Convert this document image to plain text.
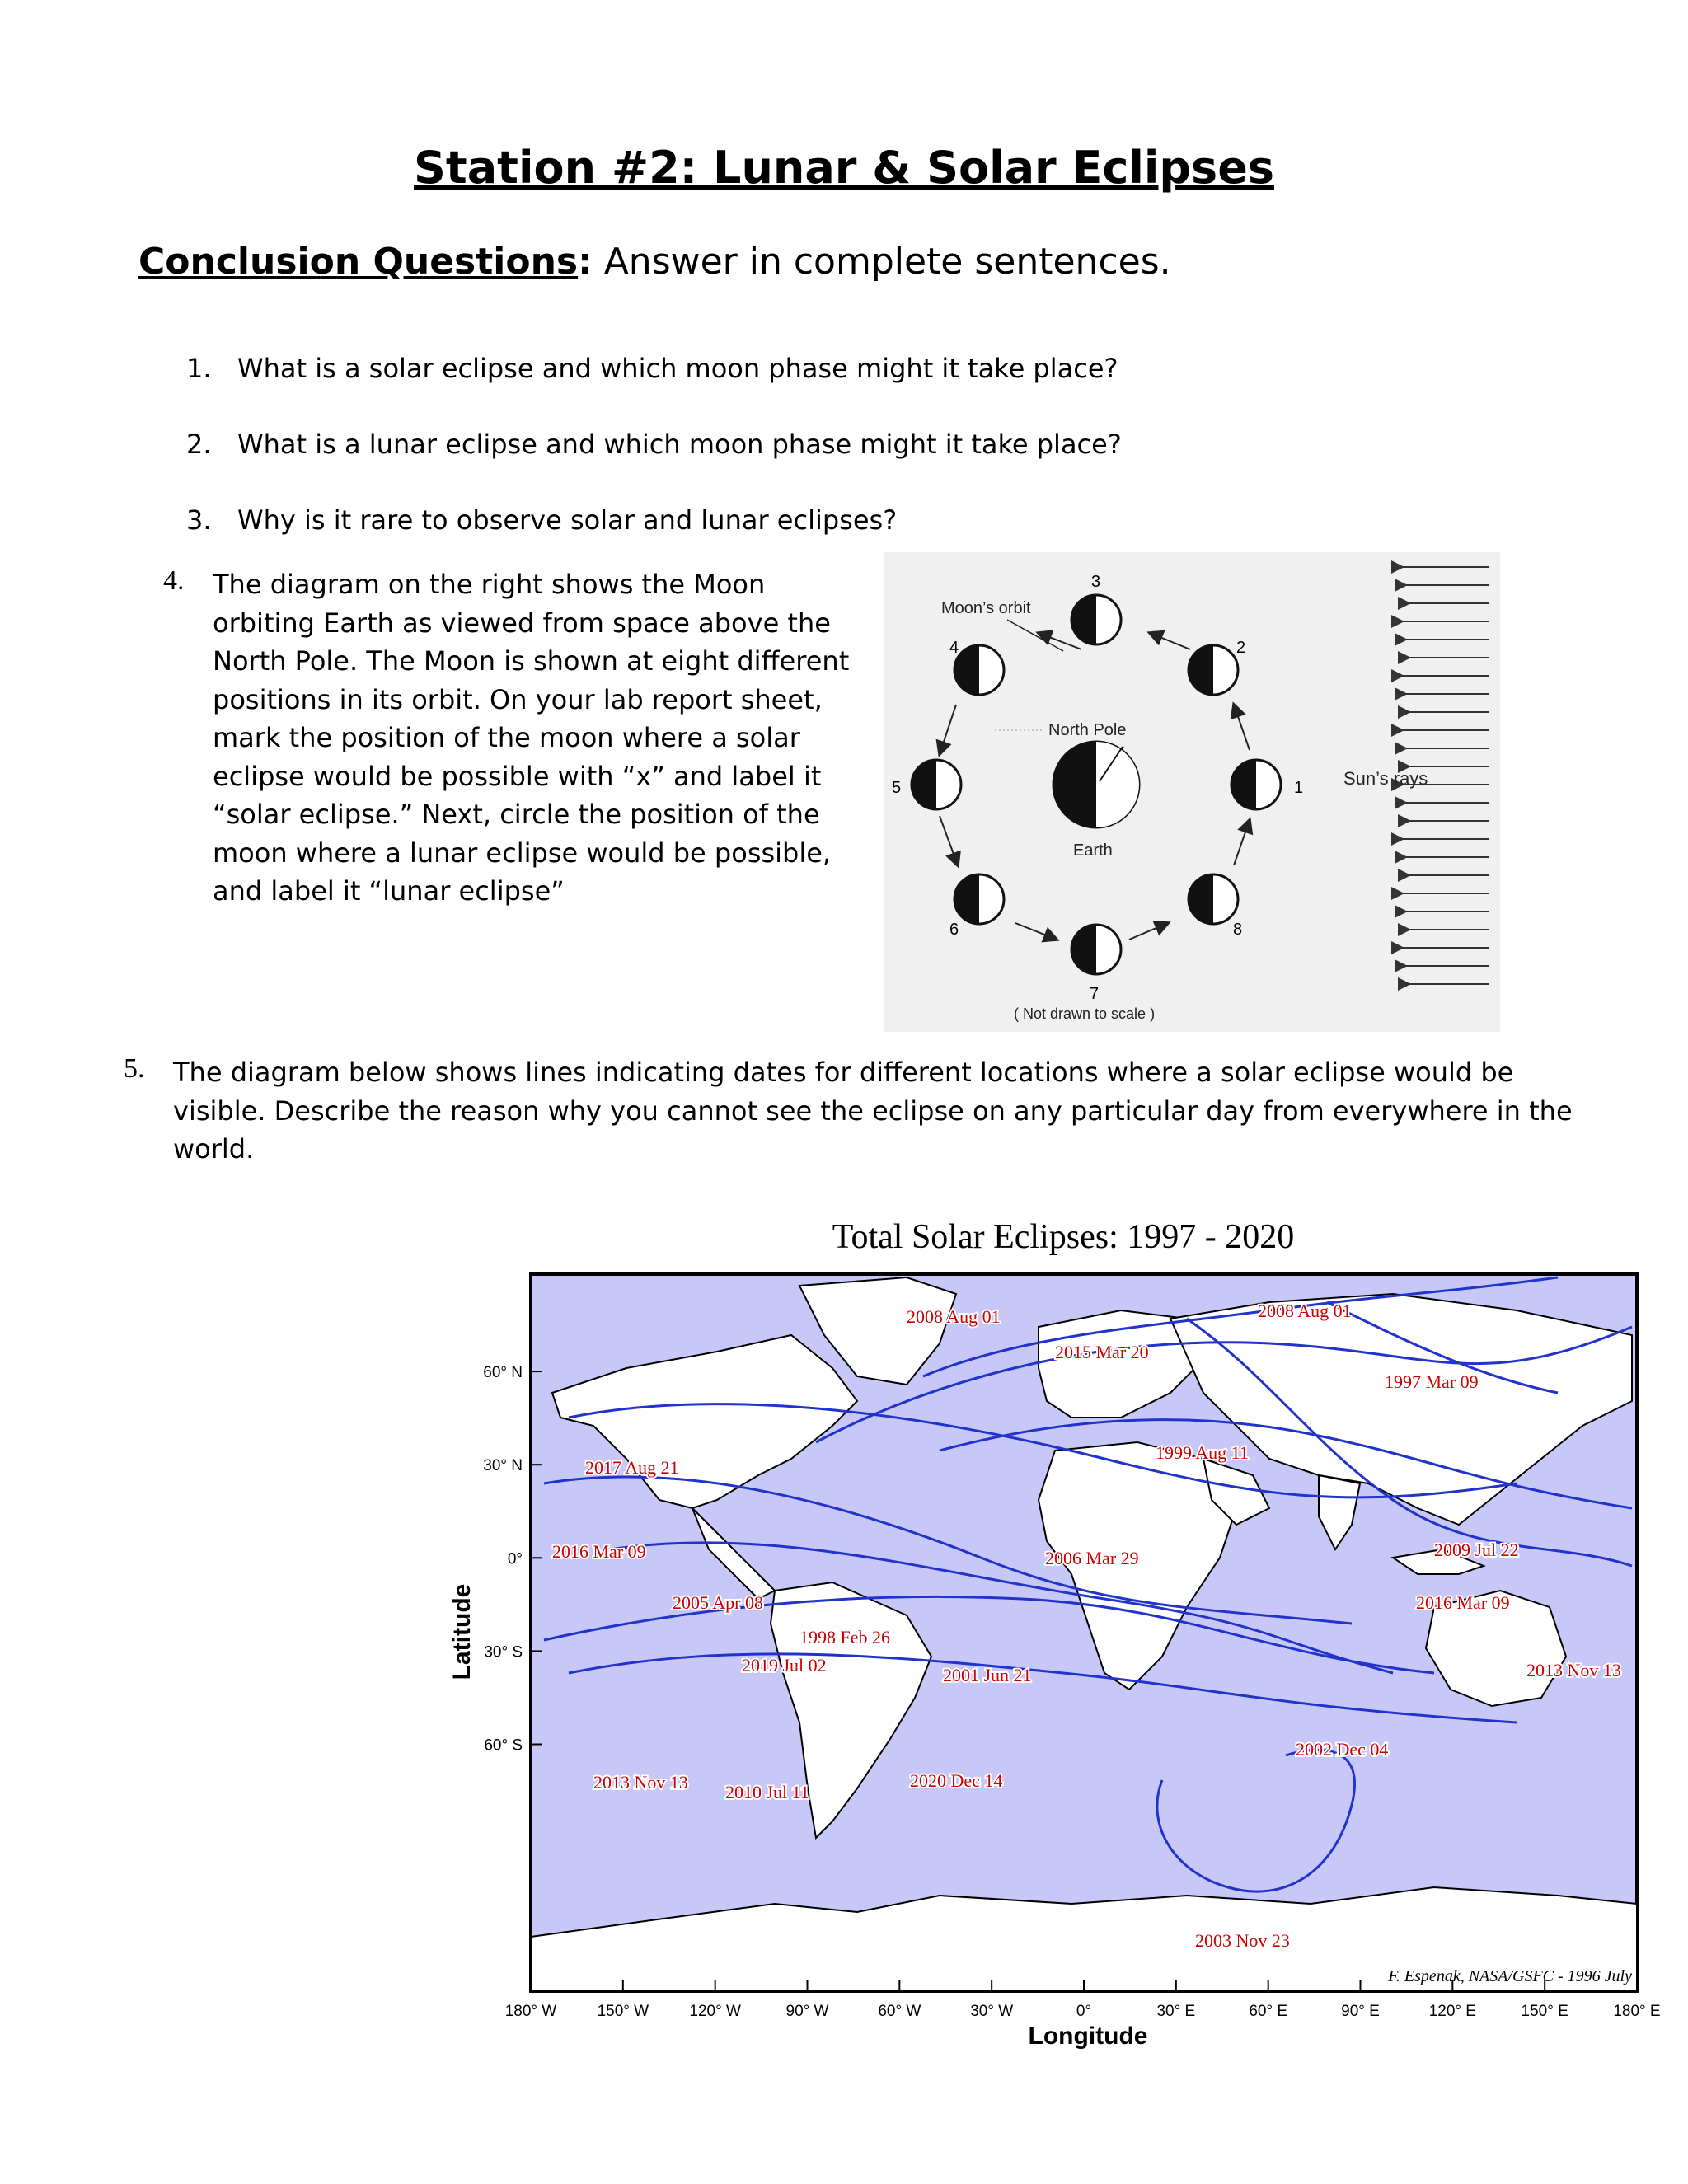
Station #2: Lunar & Solar Eclipses
Conclusion Questions: Answer in complete sentences.
1. What is a solar eclipse and which moon phase might it take place?
2. What is a lunar eclipse and which moon phase might it take place?
3. Why is it rare to observe solar and lunar eclipses?
4. The diagram on the right shows the Moon orbiting Earth as viewed from space above the North Pole. The Moon is shown at eight different positions in its orbit. On your lab report sheet, mark the position of the moon where a solar eclipse would be possible with “x” and label it “solar eclipse.” Next, circle the position of the moon where a lunar eclipse would be possible, and label it “lunar eclipse”
North Pole
Earth
Moon’s orbit
1
2
3
4
5
6
7
8
Sun’s rays
( Not drawn to scale )
5. The diagram below shows lines indicating dates for different locations where a solar eclipse would be visible. Describe the reason why you cannot see the eclipse on any particular day from everywhere in the world.
Total Solar Eclipses: 1997 - 2020
180° W	150° W	120° W	90° W	60° W	30° W	0°	30° E	60° E	90° E	120° E	150° E	180° E
60° N
30° N
0°
30° S
60° S
2008 Aug 01	2008 Aug 01
2015 Mar 20
1997 Mar 09
2017 Aug 21
1999 Aug 11
2009 Jul 22
2016 Mar 09	2006 Mar 29
2005 Apr 08	2016 Mar 09
1998 Feb 26
2019 Jul 02	2001 Jun 21	2013 Nov 13
2002 Dec 04
2013 Nov 13 2010 Jul 11
2020 Dec 14
2003 Nov 23
F. Espenak, NASA/GSFC - 1996 July
Longitude
Latitude
